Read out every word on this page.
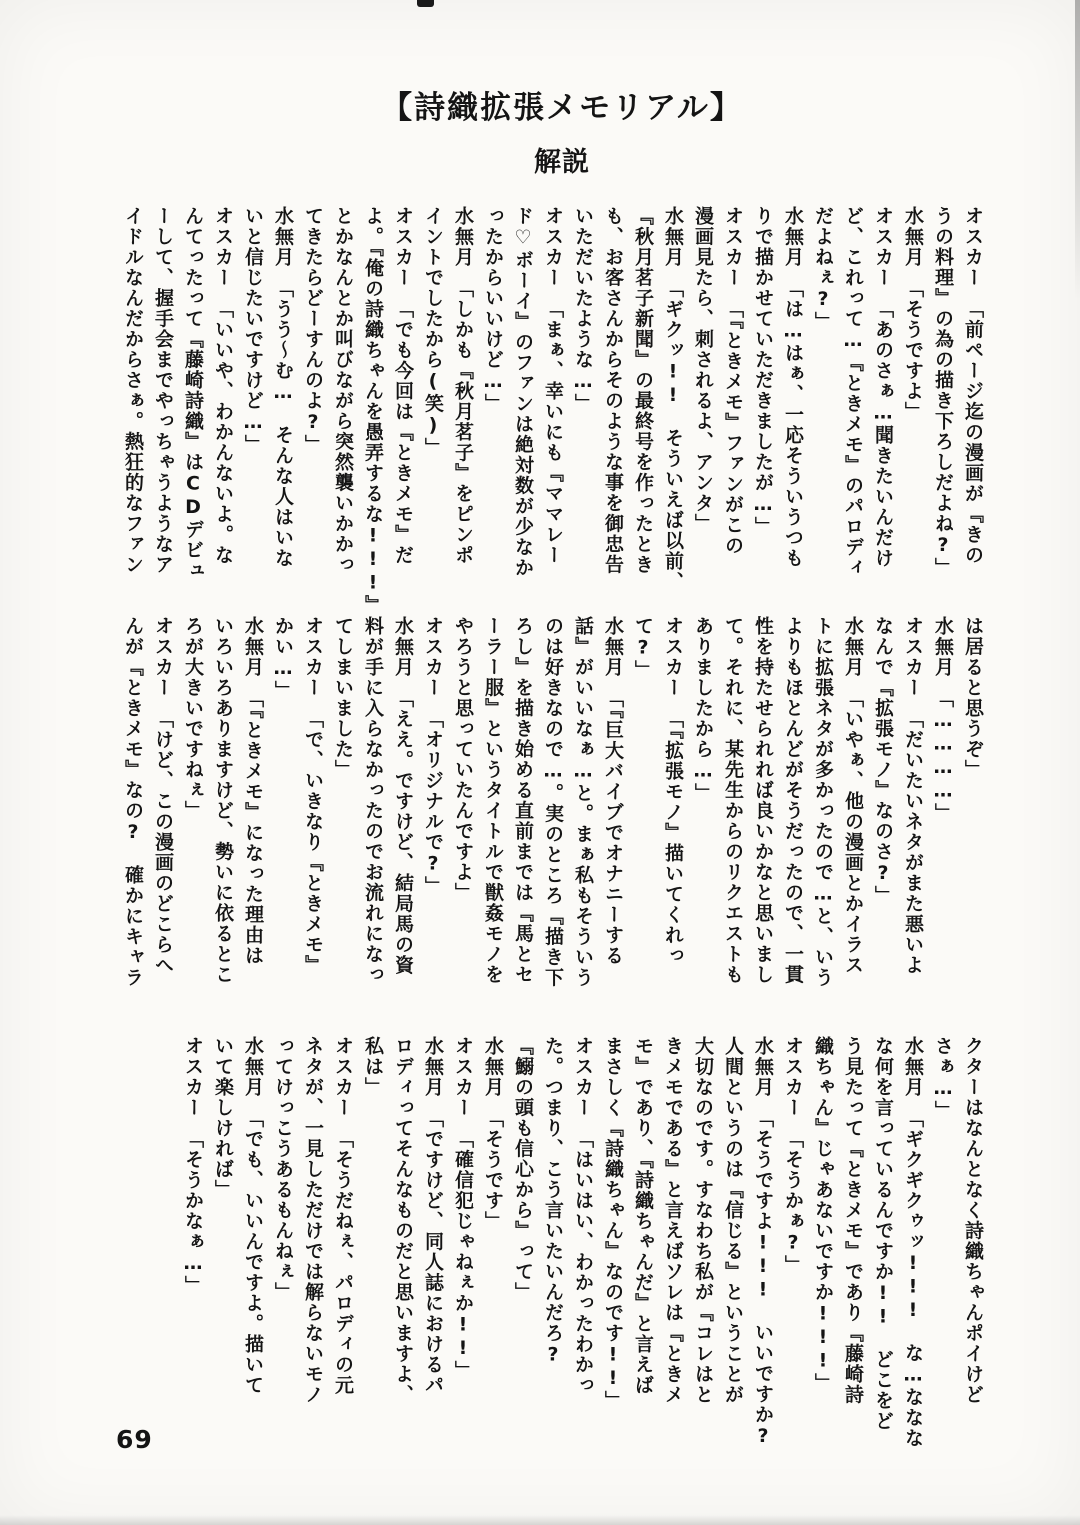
【詩織拡張メモリアル】
解説
オスカー　「前ページ迄の漫画が『きの
うの料理』の為の描き下ろしだよね?」
水無月　「そうですよ」
オスカー　「あのさぁ…聞きたいんだけ
ど、これって…『ときメモ』のパロディ
だよねぇ?」
水無月　「は…はぁ、一応そういうつも
りで描かせていただきましたが…」
オスカー　「『ときメモ』ファンがこの
漫画見たら、刺されるよ、アンタ」
水無月　「ギクッ!!　そういえば以前、
『秋月茗子新聞』の最終号を作ったとき
も、お客さんからそのような事を御忠告
いただいたような…」
オスカー　「まぁ、幸いにも『ママレー
ド♡ボーイ』のファンは絶対数が少なか
ったからいいけど…」
水無月　「しかも『秋月茗子』をピンポ
イントでしたから(笑)」
オスカー　「でも今回は『ときメモ』だ
よ。『俺の詩織ちゃんを愚弄するな!!!』
とかなんとか叫びながら突然襲いかかっ
てきたらどーすんのよ?」
水無月　「うう〜む…　そんな人はいな
いと信じたいですけど…」
オスカー　「いいや、わかんないよ。な
んてったって『藤崎詩織』はCDデビュ
ーして、握手会までやっちゃうようなア
イドルなんだからさぁ。熱狂的なファン
は居ると思うぞ」
水無月　「…………」
オスカー　「だいたいネタがまた悪いよ
なんで『拡張モノ』なのさ?」
水無月　「いやぁ、他の漫画とかイラス
トに拡張ネタが多かったので…と、いう
よりもほとんどがそうだったので、一貫
性を持たせられれば良いかなと思いまし
て。それに、某先生からのリクエストも
ありましたから…」
オスカー　「『拡張モノ』描いてくれっ
て?」
水無月　「『巨大バイブでオナニーする
話』がいいなぁ…と。まぁ私もそういう
のは好きなので…。実のところ『描き下
ろし』を描き始める直前までは『馬とセ
ーラー服』というタイトルで獣姦モノを
やろうと思っていたんですよ」
オスカー　「オリジナルで?」
水無月　「ええ。ですけど、結局馬の資
料が手に入らなかったのでお流れになっ
てしまいました」
オスカー　「で、いきなり『ときメモ』
かい…」
水無月　「『ときメモ』になった理由は
いろいろありますけど、勢いに依るとこ
ろが大きいですねぇ」
オスカー　「けど、この漫画のどこらへ
んが『ときメモ』なの?　確かにキャラ
クターはなんとなく詩織ちゃんポイけど
さぁ…」
水無月　「ギクギクゥッ!!!　な…ななな
な何を言っているんですか!!　どこをど
う見たって『ときメモ』であり『藤崎詩
織ちゃん』じゃあないですか!!!」
オスカー　「そうかぁ?」
水無月　「そうですよ!!!　いいですか?
人間というのは『信じる』ということが
大切なのです。すなわち私が『コレはと
きメモである』と言えばソレは『ときメ
モ』であり、『詩織ちゃんだ』と言えば
まさしく『詩織ちゃん』なのです!!」
オスカー　「はいはい、わかったわかっ
た。つまり、こう言いたいんだろ?
『鰯の頭も信心から』って」
水無月　「そうです」
オスカー　「確信犯じゃねぇか!!」
水無月　「ですけど、同人誌におけるパ
ロディってそんなものだと思いますよ、
私は」
オスカー　「そうだねぇ、パロディの元
ネタが、一見しただけでは解らないモノ
ってけっこうあるもんねぇ」
水無月　「でも、いいんですよ。描いて
いて楽しければ」
オスカー　「そうかなぁ…」
69
